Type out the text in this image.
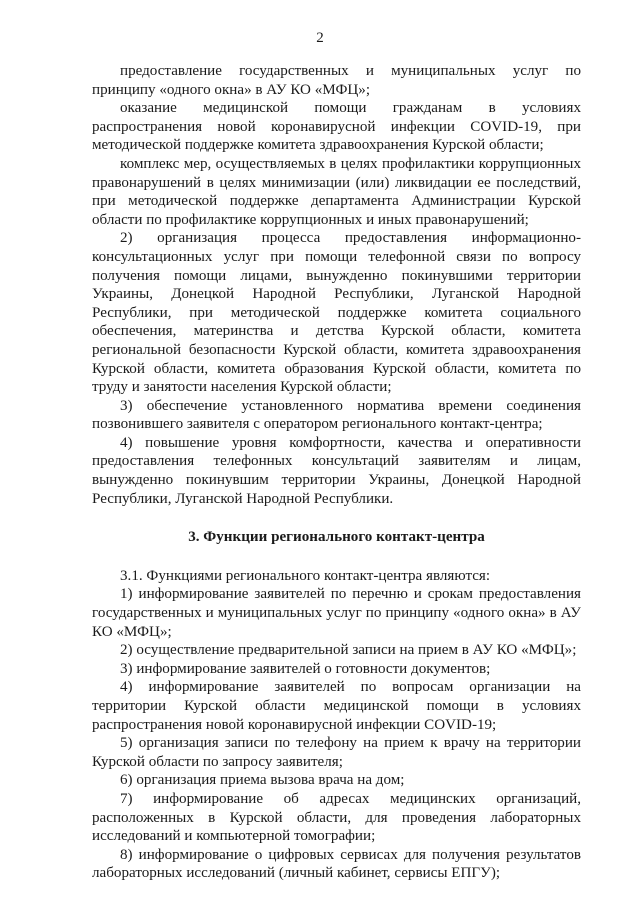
2

предоставление государственных и муниципальных услуг по принципу «одного окна» в АУ КО «МФЦ»;

оказание медицинской помощи гражданам в условиях распространения новой коронавирусной инфекции COVID-19, при методической поддержке комитета здравоохранения Курской области;

комплекс мер, осуществляемых в целях профилактики коррупционных правонарушений в целях минимизации (или) ликвидации ее последствий, при методической поддержке департамента Администрации Курской области по профилактике коррупционных и иных правонарушений;

2) организация процесса предоставления информационно-консультационных услуг при помощи телефонной связи по вопросу получения помощи лицами, вынужденно покинувшими территории Украины, Донецкой Народной Республики, Луганской Народной Республики, при методической поддержке комитета социального обеспечения, материнства и детства Курской области, комитета региональной безопасности Курской области, комитета здравоохранения Курской области, комитета образования Курской области, комитета по труду и занятости населения Курской области;

3) обеспечение установленного норматива времени соединения позвонившего заявителя с оператором регионального контакт-центра;

4) повышение уровня комфортности, качества и оперативности предоставления телефонных консультаций заявителям и лицам, вынужденно покинувшим территории Украины, Донецкой Народной Республики, Луганской Народной Республики.

3. Функции регионального контакт-центра

3.1. Функциями регионального контакт-центра являются:

1) информирование заявителей по перечню и срокам предоставления государственных и муниципальных услуг по принципу «одного окна» в АУ КО «МФЦ»;

2) осуществление предварительной записи на прием в АУ КО «МФЦ»;

3) информирование заявителей о готовности документов;

4) информирование заявителей по вопросам организации на территории Курской области медицинской помощи в условиях распространения новой коронавирусной инфекции COVID-19;

5) организация записи по телефону на прием к врачу на территории Курской области по запросу заявителя;

6) организация приема вызова врача на дом;

7) информирование об адресах медицинских организаций, расположенных в Курской области, для проведения лабораторных исследований и компьютерной томографии;

8) информирование о цифровых сервисах для получения результатов лабораторных исследований (личный кабинет, сервисы ЕПГУ);
